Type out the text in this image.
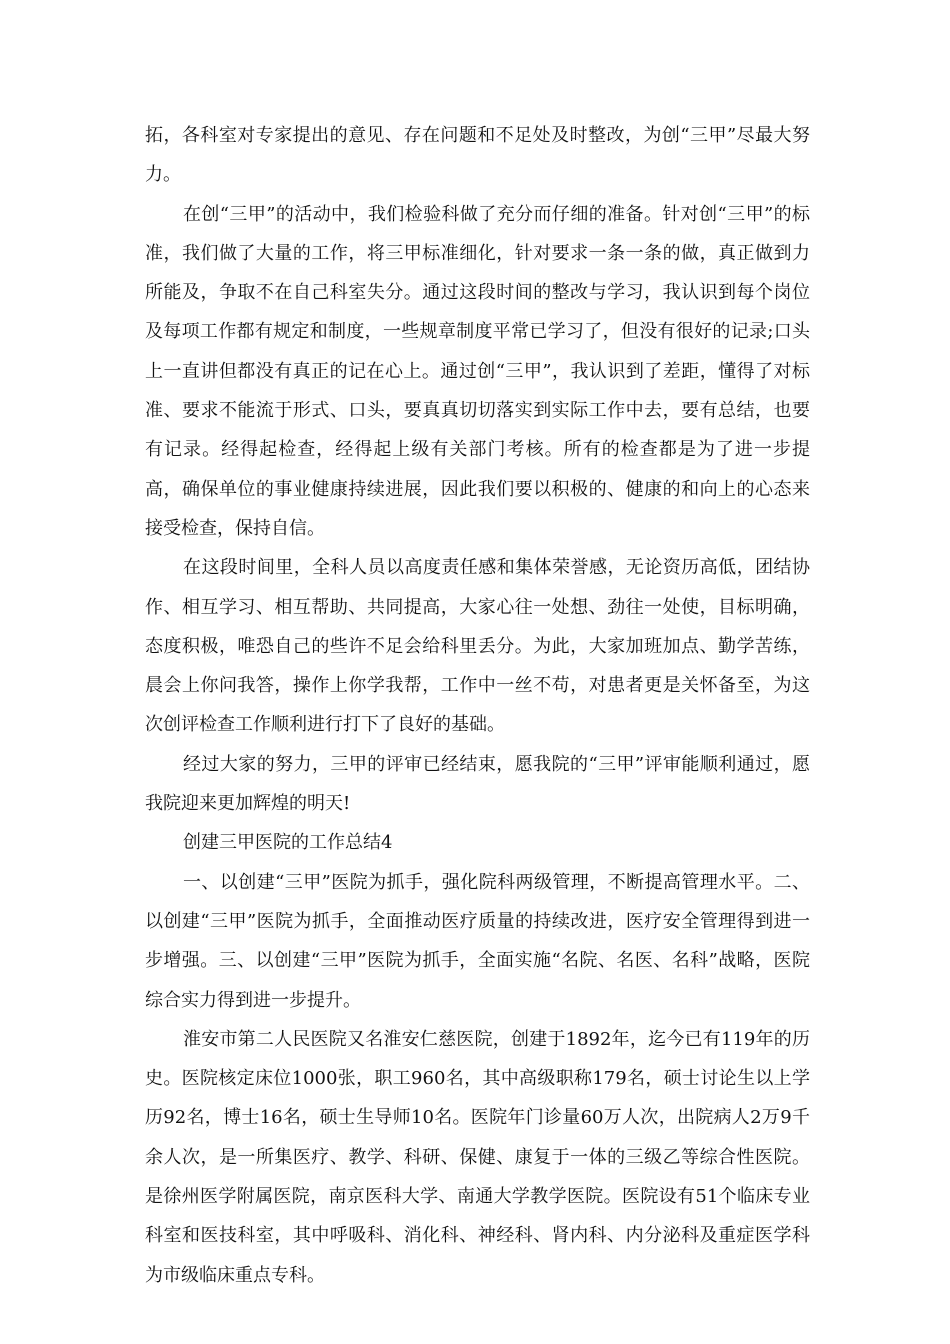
拓，各科室对专家提出的意见、存在问题和不足处及时整改，为创“三甲”尽最大努力。

在创“三甲”的活动中，我们检验科做了充分而仔细的准备。针对创“三甲”的标准，我们做了大量的工作，将三甲标准细化，针对要求一条一条的做，真正做到力所能及，争取不在自己科室失分。通过这段时间的整改与学习，我认识到每个岗位及每项工作都有规定和制度，一些规章制度平常已学习了，但没有很好的记录;口头上一直讲但都没有真正的记在心上。通过创“三甲”，我认识到了差距，懂得了对标准、要求不能流于形式、口头，要真真切切落实到实际工作中去，要有总结，也要有记录。经得起检查，经得起上级有关部门考核。所有的检查都是为了进一步提高，确保单位的事业健康持续进展，因此我们要以积极的、健康的和向上的心态来接受检查，保持自信。

在这段时间里，全科人员以高度责任感和集体荣誉感，无论资历高低，团结协作、相互学习、相互帮助、共同提高，大家心往一处想、劲往一处使，目标明确，态度积极，唯恐自己的些许不足会给科里丢分。为此，大家加班加点、勤学苦练，晨会上你问我答，操作上你学我帮，工作中一丝不苟，对患者更是关怀备至，为这次创评检查工作顺利进行打下了良好的基础。

经过大家的努力，三甲的评审已经结束，愿我院的“三甲”评审能顺利通过，愿我院迎来更加辉煌的明天!

创建三甲医院的工作总结4

一、以创建“三甲”医院为抓手，强化院科两级管理，不断提高管理水平。二、以创建“三甲”医院为抓手，全面推动医疗质量的持续改进，医疗安全管理得到进一步增强。三、以创建“三甲”医院为抓手，全面实施“名院、名医、名科”战略，医院综合实力得到进一步提升。

淮安市第二人民医院又名淮安仁慈医院，创建于1892年，迄今已有119年的历史。医院核定床位1000张，职工960名，其中高级职称179名，硕士讨论生以上学历92名，博士16名，硕士生导师10名。医院年门诊量60万人次，出院病人2万9千余人次，是一所集医疗、教学、科研、保健、康复于一体的三级乙等综合性医院。是徐州医学附属医院，南京医科大学、南通大学教学医院。医院设有51个临床专业科室和医技科室，其中呼吸科、消化科、神经科、肾内科、内分泌科及重症医学科为市级临床重点专科。
